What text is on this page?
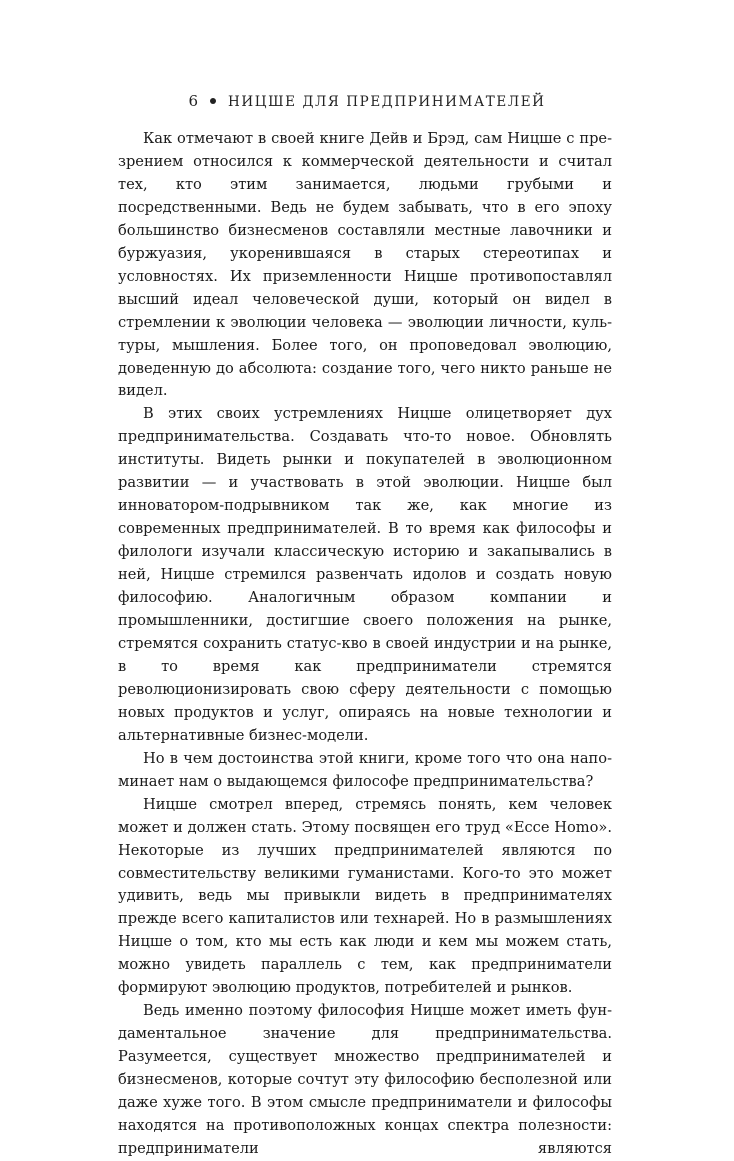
6 НИЦШЕ ДЛЯ ПРЕДПРИНИМАТЕЛЕЙ

Как отмечают в своей книге Дейв и Брэд, сам Ницше с презрением относился к коммерческой деятельности и считал тех, кто этим занимается, людьми грубыми и посредственными. Ведь не будем забывать, что в его эпоху большинство бизнесменов составляли местные лавочники и буржуазия, укоренившаяся в старых стереотипах и условностях. Их приземленности Ницше противопоставлял высший идеал человеческой души, который он видел в стремлении к эволюции человека — эволюции личности, культуры, мышления. Более того, он проповедовал эволюцию, доведенную до абсолюта: создание того, чего никто раньше не видел.

В этих своих устремлениях Ницше олицетворяет дух предпринимательства. Создавать что-то новое. Обновлять институты. Видеть рынки и покупателей в эволюционном развитии — и участвовать в этой эволюции. Ницше был инноватором-подрывником так же, как многие из современных предпринимателей. В то время как философы и филологи изучали классическую историю и закапывались в ней, Ницше стремился развенчать идолов и создать новую философию. Аналогичным образом компании и промышленники, достигшие своего положения на рынке, стремятся сохранить статус-кво в своей индустрии и на рынке, в то время как предприниматели стремятся революционизировать свою сферу деятельности с помощью новых продуктов и услуг, опираясь на новые технологии и альтернативные бизнес-модели.

Но в чем достоинства этой книги, кроме того что она напоминает нам о выдающемся философе предпринимательства?

Ницше смотрел вперед, стремясь понять, кем человек может и должен стать. Этому посвящен его труд «Ecce Homo». Некоторые из лучших предпринимателей являются по совместительству великими гуманистами. Кого-то это может удивить, ведь мы привыкли видеть в предпринимателях прежде всего капиталистов или технарей. Но в размышлениях Ницше о том, кто мы есть как люди и кем мы можем стать, можно увидеть параллель с тем, как предприниматели формируют эволюцию продуктов, потребителей и рынков.

Ведь именно поэтому философия Ницше может иметь фундаментальное значение для предпринимательства. Разумеется, существует множество предпринимателей и бизнесменов, которые сочтут эту философию бесполезной или даже хуже того. В этом смысле предприниматели и философы находятся на противоположных концах спектра полезности: предприниматели являются
